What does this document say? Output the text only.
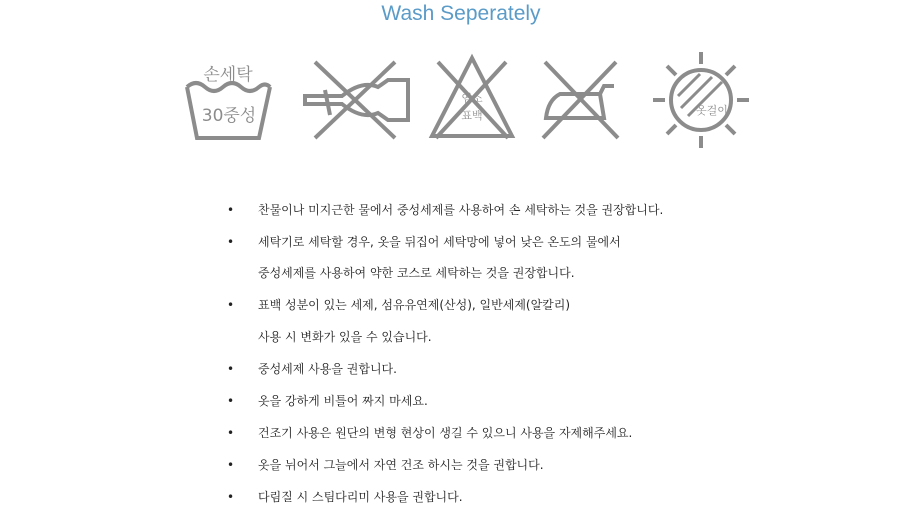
Wash Seperately
손세탁
30중성
염소
표백	옷걸이
• 찬물이나 미지근한 물에서 중성세제를 사용하여 손 세탁하는 것을 권장합니다.
• 세탁기로 세탁할 경우, 옷을 뒤집어 세탁망에 넣어 낮은 온도의 물에서
중성세제를 사용하여 약한 코스로 세탁하는 것을 권장합니다.
• 표백 성분이 있는 세제, 섬유유연제(산성), 일반세제(알칼리)
사용 시 변화가 있을 수 있습니다.
• 중성세제 사용을 권합니다.
• 옷을 강하게 비틀어 짜지 마세요.
• 건조기 사용은 원단의 변형 현상이 생길 수 있으니 사용을 자제해주세요.
• 옷을 뉘어서 그늘에서 자연 건조 하시는 것을 권합니다.
• 다림질 시 스팀다리미 사용을 권합니다.
